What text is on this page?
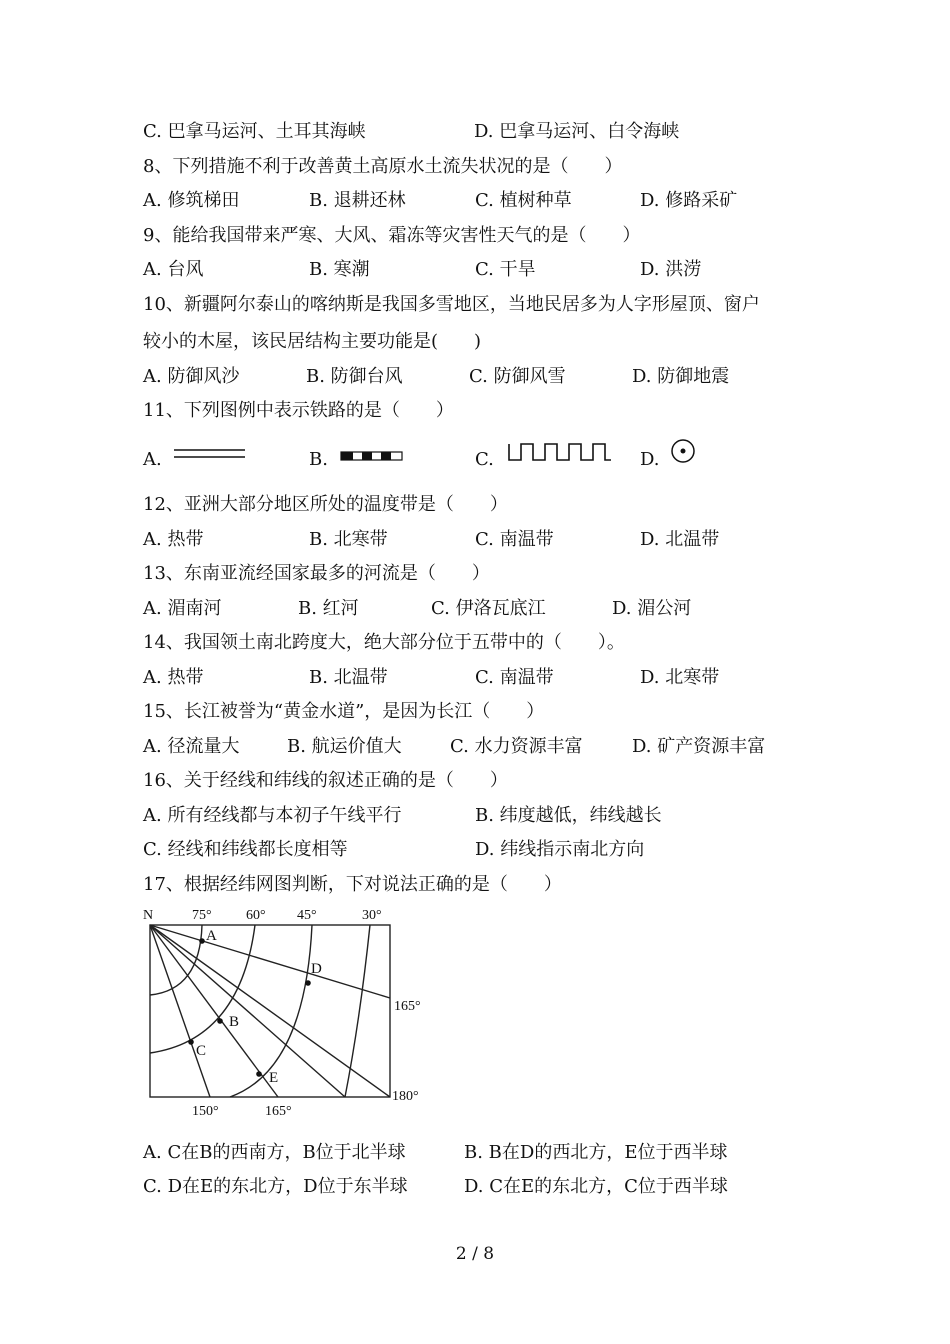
C. 巴拿马运河、土耳其海峡	D. 巴拿马运河、白令海峡
8、下列措施不利于改善黄土高原水土流失状况的是（　　）
A. 修筑梯田	B. 退耕还林	C. 植树种草	D. 修路采矿
9、能给我国带来严寒、大风、霜冻等灾害性天气的是（　　）
A. 台风	B. 寒潮	C. 干旱	D. 洪涝
10、新疆阿尔泰山的喀纳斯是我国多雪地区，当地民居多为人字形屋顶、窗户
较小的木屋，该民居结构主要功能是(　　)
A. 防御风沙	B. 防御台风	C. 防御风雪	D. 防御地震
11、下列图例中表示铁路的是（　　）
A.	B.	C.	D.
12、亚洲大部分地区所处的温度带是（　　）
A. 热带	B. 北寒带	C. 南温带	D. 北温带
13、东南亚流经国家最多的河流是（　　）
A. 湄南河	B. 红河	C. 伊洛瓦底江	D. 湄公河
14、我国领土南北跨度大，绝大部分位于五带中的（　　）。
A. 热带	B. 北温带	C. 南温带	D. 北寒带
15、长江被誉为“黄金水道”，是因为长江（　　）
A. 径流量大	B. 航运价值大	C. 水力资源丰富	D. 矿产资源丰富
16、关于经线和纬线的叙述正确的是（　　）
A. 所有经线都与本初子午线平行	B. 纬度越低，纬线越长
C. 经线和纬线都长度相等	D. 纬线指示南北方向
17、根据经纬网图判断，下对说法正确的是（　　）
N	75° 60° 45°	30°
165°
180°
150°	165°
A
B
C
D
E
A. C在B的西南方，B位于北半球	B. B在D的西北方，E位于西半球
C. D在E的东北方，D位于东半球	D. C在E的东北方，C位于西半球
2 / 8
